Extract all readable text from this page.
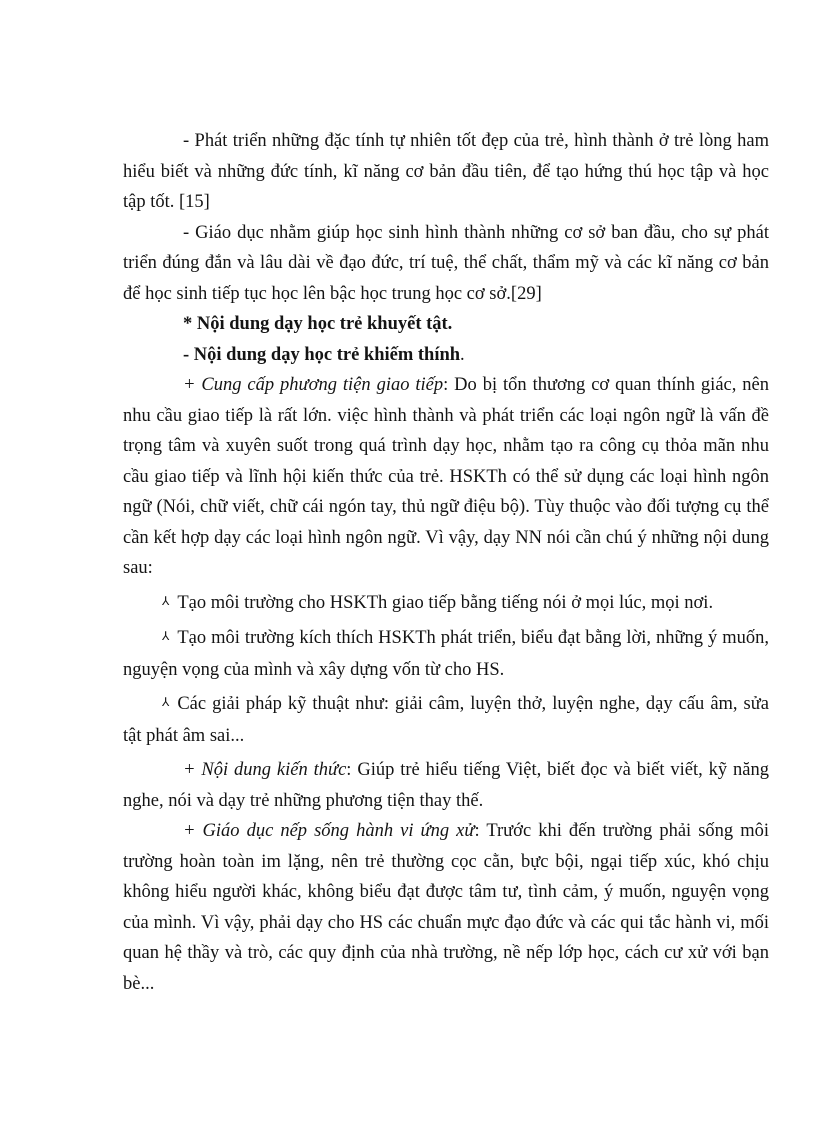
- Phát triển những đặc tính tự nhiên tốt đẹp của trẻ, hình thành ở trẻ lòng ham hiểu biết và những đức tính, kĩ năng cơ bản đầu tiên, để tạo hứng thú học tập và học tập tốt. [15]

- Giáo dục nhằm giúp học sinh hình thành những cơ sở ban đầu, cho sự phát triển đúng đắn và lâu dài về đạo đức, trí tuệ, thể chất, thẩm mỹ và các kĩ năng cơ bản để học sinh tiếp tục học lên bậc học trung học cơ sở.[29]

* Nội dung dạy học trẻ khuyết tật.

- Nội dung dạy học trẻ khiếm thính.

+ Cung cấp phương tiện giao tiếp: Do bị tổn thương cơ quan thính giác, nên nhu cầu giao tiếp là rất lớn. việc hình thành và phát triển các loại ngôn ngữ là vấn đề trọng tâm và xuyên suốt trong quá trình dạy học, nhằm tạo ra công cụ thỏa mãn nhu cầu giao tiếp và lĩnh hội kiến thức của trẻ. HSKTh có thể sử dụng các loại hình ngôn ngữ (Nói, chữ viết, chữ cái ngón tay, thủ ngữ điệu bộ). Tùy thuộc vào đối tượng cụ thể cần kết hợp dạy các loại hình ngôn ngữ. Vì vậy, dạy NN nói cần chú ý những nội dung sau:

⅄ Tạo môi trường cho HSKTh giao tiếp bằng tiếng nói ở mọi lúc, mọi nơi.

⅄ Tạo môi trường kích thích HSKTh phát triển, biểu đạt bằng lời, những ý muốn, nguyện vọng của mình và xây dựng vốn từ cho HS.

⅄ Các giải pháp kỹ thuật như: giải câm, luyện thở, luyện nghe, dạy cấu âm, sửa tật phát âm sai...

+ Nội dung kiến thức: Giúp trẻ hiểu tiếng Việt, biết đọc và biết viết, kỹ năng nghe, nói và dạy trẻ những phương tiện thay thế.

+ Giáo dục nếp sống hành vi ứng xử: Trước khi đến trường phải sống môi trường hoàn toàn im lặng, nên trẻ thường cọc cằn, bực bội, ngại tiếp xúc, khó chịu không hiểu người khác, không biểu đạt được tâm tư, tình cảm, ý muốn, nguyện vọng của mình. Vì vậy, phải dạy cho HS các chuẩn mực đạo đức và các qui tắc hành vi, mối quan hệ thầy và trò, các quy định của nhà trường, nề nếp lớp học, cách cư xử với bạn bè...
